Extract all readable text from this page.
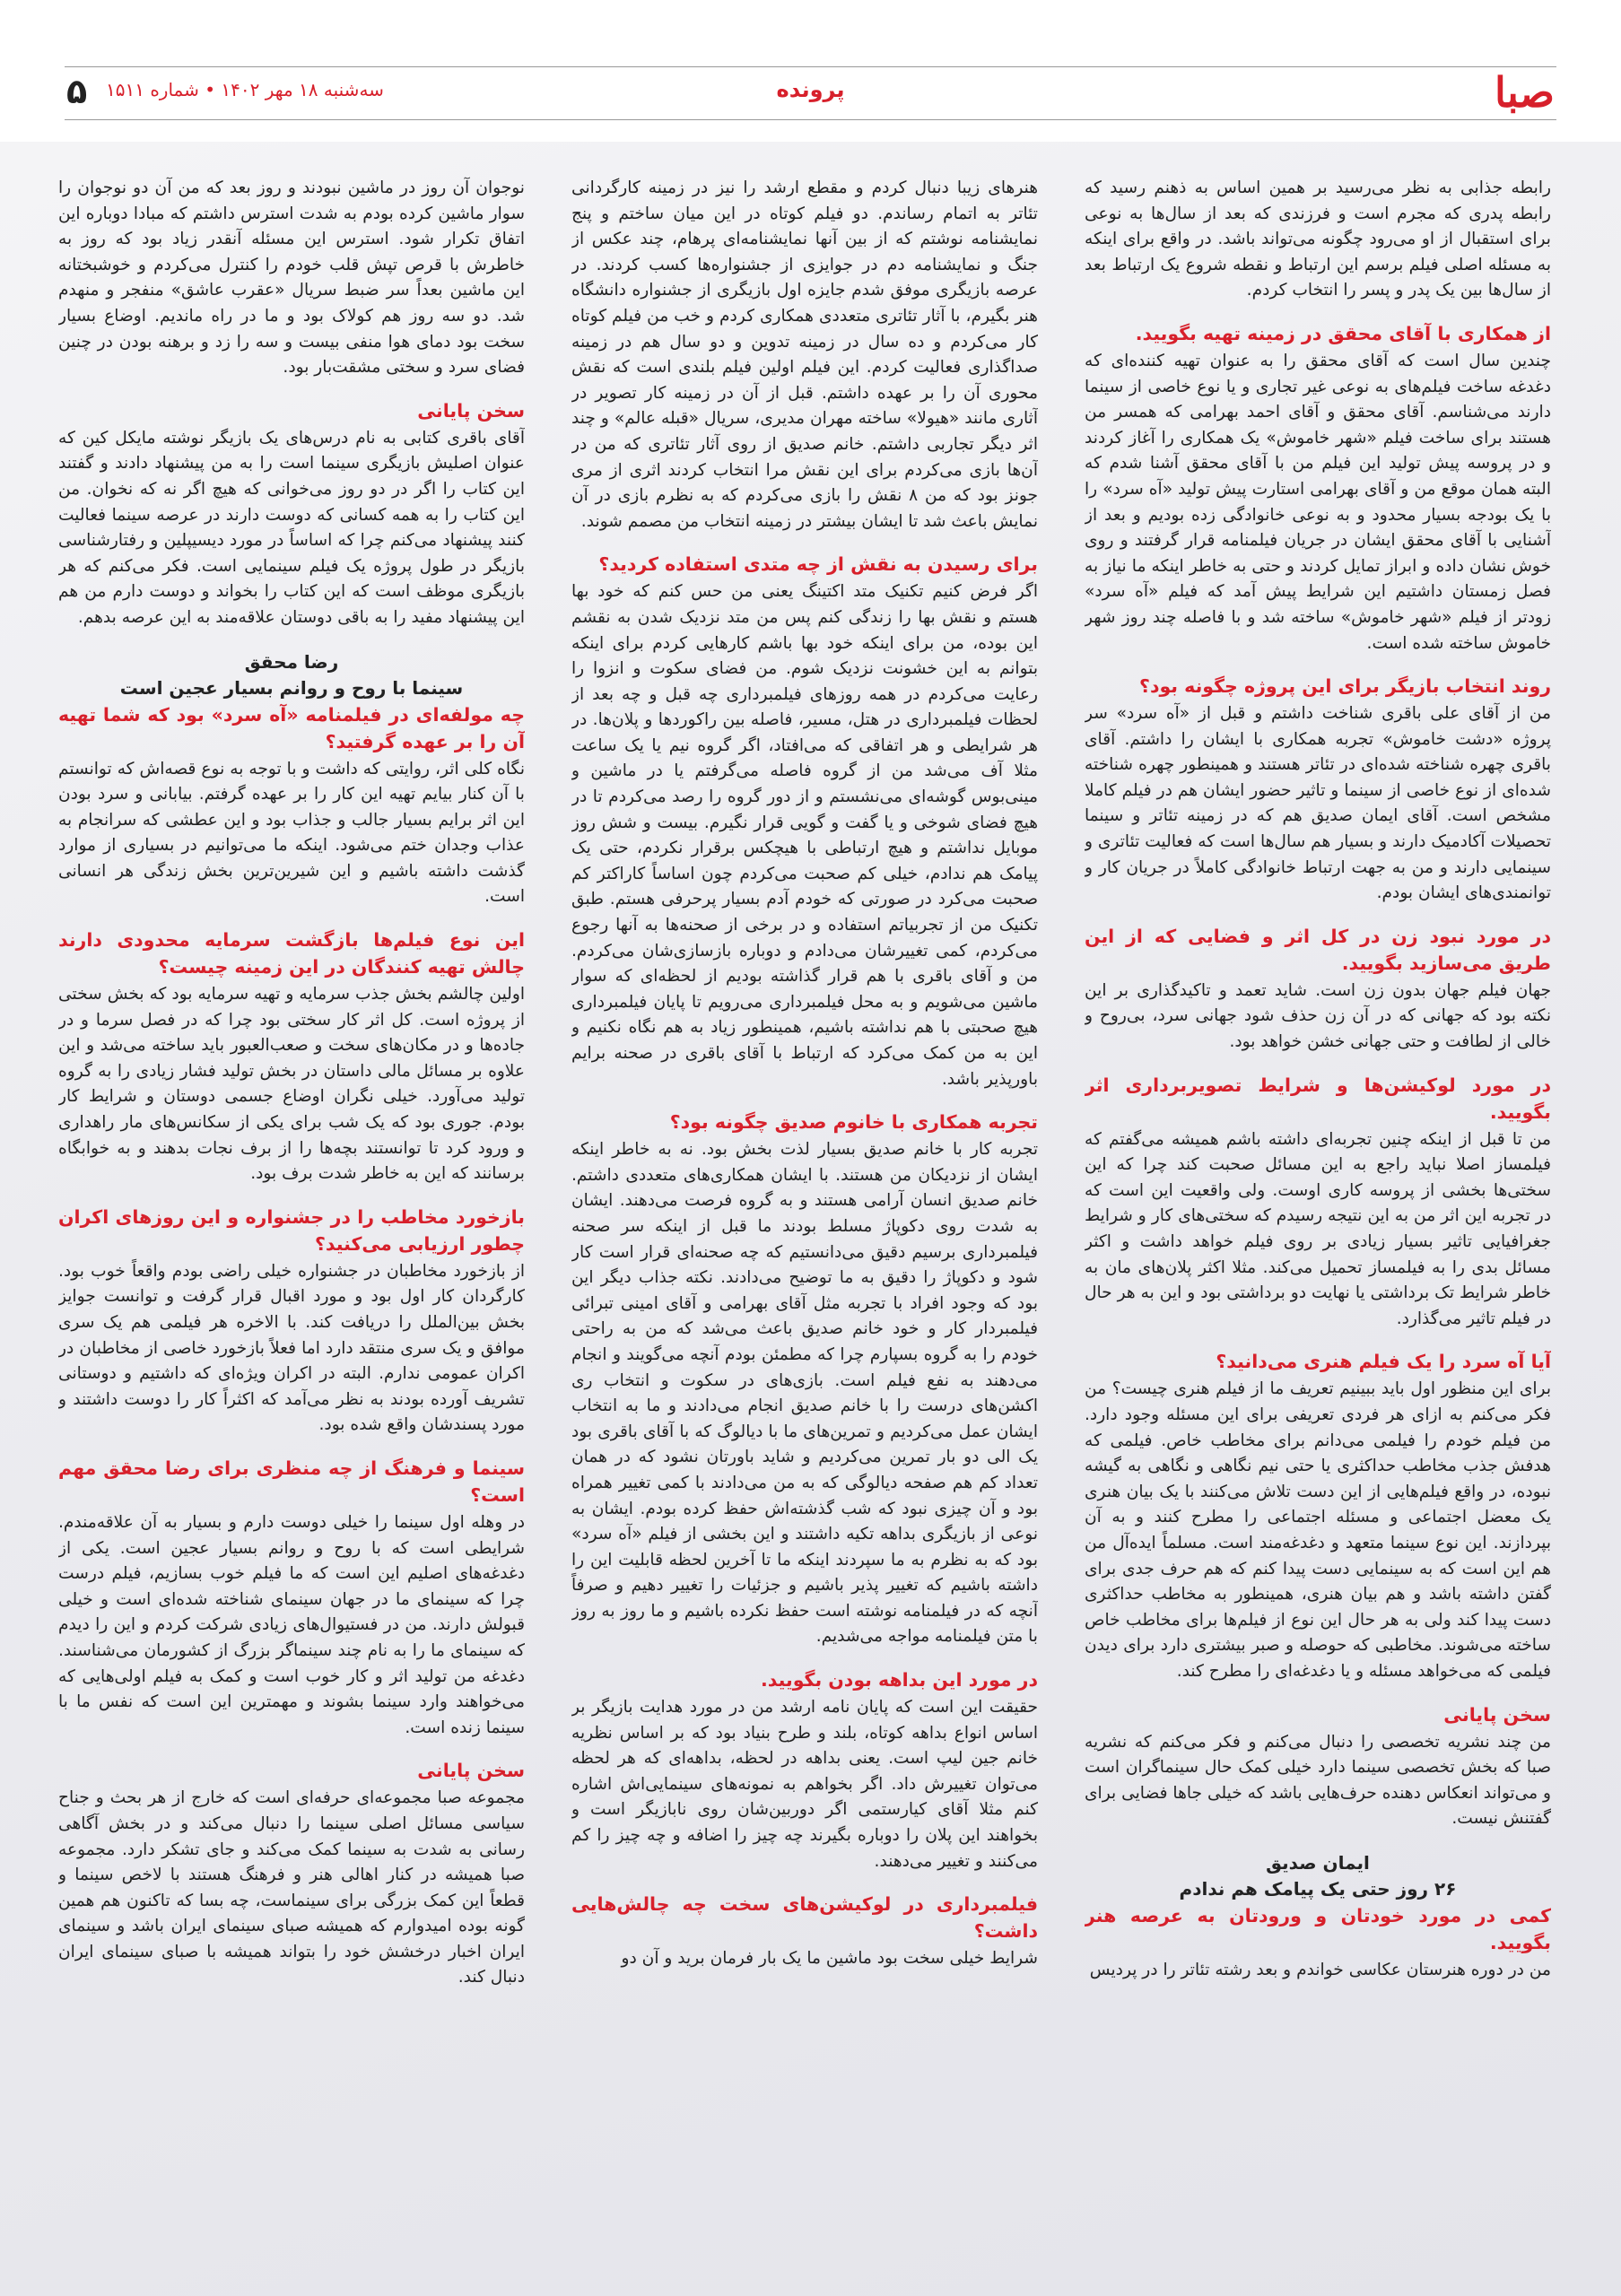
صبا
پرونده
سه‌شنبه ۱۸ مهر ۱۴۰۲ • شماره ۱۵۱۱
۵

رابطه جذابی به نظر می‌رسید بر همین اساس به ذهنم رسید که رابطه پدری که مجرم است و فرزندی که بعد از سال‌ها به نوعی برای استقبال از او می‌رود چگونه می‌تواند باشد. در واقع برای اینکه به مسئله اصلی فیلم برسم این ارتباط و نقطه شروع یک ارتباط بعد از سال‌ها بین یک پدر و پسر را انتخاب کردم.

از همکاری با آقای محقق در زمینه تهیه بگویید.

چندین سال است که آقای محقق را به عنوان تهیه کننده‌ای که دغدغه ساخت فیلم‌های به نوعی غیر تجاری و یا نوع خاصی از سینما دارند می‌شناسم. آقای محقق و آقای احمد بهرامی که همسر من هستند برای ساخت فیلم «شهر خاموش» یک همکاری را آغاز کردند و در پروسه پیش تولید این فیلم من با آقای محقق آشنا شدم که البته همان موقع من و آقای بهرامی استارت پیش تولید «آه سرد» را با یک بودجه بسیار محدود و به نوعی خانوادگی زده بودیم و بعد از آشنایی با آقای محقق ایشان در جریان فیلمنامه قرار گرفتند و روی خوش نشان داده و ابراز تمایل کردند و حتی به خاطر اینکه ما نیاز به فصل زمستان داشتیم این شرایط پیش آمد که فیلم «آه سرد» زودتر از فیلم «شهر خاموش» ساخته شد و با فاصله چند روز شهر خاموش ساخته شده است.

روند انتخاب بازیگر برای این پروژه چگونه بود؟

من از آقای علی باقری شناخت داشتم و قبل از «آه سرد» سر پروژه «دشت خاموش» تجربه همکاری با ایشان را داشتم. آقای باقری چهره شناخته شده‌ای در تئاتر هستند و همینطور چهره شناخته شده‌ای از نوع خاصی از سینما و تاثیر حضور ایشان هم در فیلم کاملا مشخص است. آقای ایمان صدیق هم که در زمینه تئاتر و سینما تحصیلات آکادمیک دارند و بسیار هم سال‌ها است که فعالیت تئاتری و سینمایی دارند و من به جهت ارتباط خانوادگی کاملاً در جریان کار و توانمندی‌های ایشان بودم.

در مورد نبود زن در کل اثر و فضایی که از این طریق می‌سازید بگویید.

جهان فیلم جهان بدون زن است. شاید تعمد و تاکیدگذاری بر این نکته بود که جهانی که در آن زن حذف شود جهانی سرد، بی‌روح و خالی از لطافت و حتی جهانی خشن خواهد بود.

در مورد لوکیشن‌ها و شرایط تصویربرداری اثر بگویید.

من تا قبل از اینکه چنین تجربه‌ای داشته باشم همیشه می‌گفتم که فیلمساز اصلا نباید راجع به این مسائل صحبت کند چرا که این سختی‌ها بخشی از پروسه کاری اوست. ولی واقعیت این است که در تجربه این اثر من به این نتیجه رسیدم که سختی‌های کار و شرایط جغرافیایی تاثیر بسیار زیادی بر روی فیلم خواهد داشت و اکثر مسائل بدی را به فیلمساز تحمیل می‌کند. مثلا اکثر پلان‌های مان به خاطر شرایط تک برداشتی یا نهایت دو برداشتی بود و این به هر حال در فیلم تاثیر می‌گذارد.

آیا آه سرد را یک فیلم هنری می‌دانید؟

برای این منظور اول باید ببینیم تعریف ما از فیلم هنری چیست؟ من فکر می‌کنم به ازای هر فردی تعریفی برای این مسئله وجود دارد. من فیلم خودم را فیلمی می‌دانم برای مخاطب خاص. فیلمی که هدفش جذب مخاطب حداکثری یا حتی نیم نگاهی و نگاهی به گیشه نبوده، در واقع فیلم‌هایی از این دست تلاش می‌کنند با یک بیان هنری یک معضل اجتماعی و مسئله اجتماعی را مطرح کنند و به آن بپردازند. این نوع سینما متعهد و دغدغه‌مند است. مسلماً ایده‌آل من هم این است که به سینمایی دست پیدا کنم که هم حرف جدی برای گفتن داشته باشد و هم بیان هنری، همینطور به مخاطب حداکثری دست پیدا کند ولی به هر حال این نوع از فیلم‌ها برای مخاطب خاص ساخته می‌شوند. مخاطبی که حوصله و صبر بیشتری دارد برای دیدن فیلمی که می‌خواهد مسئله و یا دغدغه‌ای را مطرح کند.

سخن پایانی

من چند نشریه تخصصی را دنبال می‌کنم و فکر می‌کنم که نشریه صبا که بخش تخصصی سینما دارد خیلی کمک حال سینماگران است و می‌تواند انعکاس دهنده حرف‌هایی باشد که خیلی جاها فضایی برای گفتنش نیست.

ایمان صدیق
۲۶ روز حتی یک پیامک هم ندادم
کمی در مورد خودتان و ورودتان به عرصه هنر بگویید.

من در دوره هنرستان عکاسی خواندم و بعد رشته تئاتر را در پردیس

هنرهای زیبا دنبال کردم و مقطع ارشد را نیز در زمینه کارگردانی تئاتر به اتمام رساندم. دو فیلم کوتاه در این میان ساختم و پنج نمایشنامه نوشتم که از بین آنها نمایشنامه‌ای پرهام، چند عکس از جنگ و نمایشنامه دم در جوایزی از جشنواره‌ها کسب کردند. در عرصه بازیگری موفق شدم جایزه اول بازیگری از جشنواره دانشگاه هنر بگیرم، با آثار تئاتری متعددی همکاری کردم و خب من فیلم کوتاه کار می‌کردم و ده سال در زمینه تدوین و دو سال هم در زمینه صداگذاری فعالیت کردم. این فیلم اولین فیلم بلندی است که نقش محوری آن را بر عهده داشتم. قبل از آن در زمینه کار تصویر در آثاری مانند «هیولا» ساخته مهران مدیری، سریال «قبله عالم» و چند اثر دیگر تجاربی داشتم. خانم صدیق از روی آثار تئاتری که من در آن‌ها بازی می‌کردم برای این نقش مرا انتخاب کردند اثری از مری جونز بود که من ۸ نقش را بازی می‌کردم که به نظرم بازی در آن نمایش باعث شد تا ایشان بیشتر در زمینه انتخاب من مصمم شوند.

برای رسیدن به نقش از چه متدی استفاده کردید؟

اگر فرض کنیم تکنیک متد اکتینگ یعنی من حس کنم که خود بها هستم و نقش بها را زندگی کنم پس من متد نزدیک شدن به نقشم این بوده، من برای اینکه خود بها باشم کارهایی کردم برای اینکه بتوانم به این خشونت نزدیک شوم. من فضای سکوت و انزوا را رعایت می‌کردم در همه روزهای فیلمبرداری چه قبل و چه بعد از لحظات فیلمبرداری در هتل، مسیر، فاصله بین راکوردها و پلان‌ها. در هر شرایطی و هر اتفاقی که می‌افتاد، اگر گروه نیم یا یک ساعت مثلا آف می‌شد من از گروه فاصله می‌گرفتم یا در ماشین و مینی‌بوس گوشه‌ای می‌نشستم و از دور گروه را رصد می‌کردم تا در هیچ فضای شوخی و یا گفت و گویی قرار نگیرم. بیست و شش روز موبایل نداشتم و هیچ ارتباطی با هیچکس برقرار نکردم، حتی یک پیامک هم ندادم، خیلی کم صحبت می‌کردم چون اساساً کاراکتر کم صحبت می‌کرد در صورتی که خودم آدم بسیار پرحرفی هستم. طبق تکنیک من از تجربیاتم استفاده و در برخی از صحنه‌ها به آنها رجوع می‌کردم، کمی تغییرشان می‌دادم و دوباره بازسازی‌شان می‌کردم. من و آقای باقری با هم قرار گذاشته بودیم از لحظه‌ای که سوار ماشین می‌شویم و به محل فیلمبرداری می‌رویم تا پایان فیلمبرداری هیچ صحبتی با هم نداشته باشیم، همینطور زیاد به هم نگاه نکنیم و این به من کمک می‌کرد که ارتباط با آقای باقری در صحنه برایم باورپذیر باشد.

تجربه همکاری با خانوم صدیق چگونه بود؟

تجربه کار با خانم صدیق بسیار لذت بخش بود. نه به خاطر اینکه ایشان از نزدیکان من هستند. با ایشان همکاری‌های متعددی داشتم. خانم صدیق انسان آرامی هستند و به گروه فرصت می‌دهند. ایشان به شدت روی دکوپاژ مسلط بودند ما قبل از اینکه سر صحنه فیلمبرداری برسیم دقیق می‌دانستیم که چه صحنه‌ای قرار است کار شود و دکوپاژ را دقیق به ما توضیح می‌دادند. نکته جذاب دیگر این بود که وجود افراد با تجربه مثل آقای بهرامی و آقای امینی تبرائی فیلمبردار کار و خود خانم صدیق باعث می‌شد که من به راحتی خودم را به گروه بسپارم چرا که مطمئن بودم آنچه می‌گویند و انجام می‌دهند به نفع فیلم است. بازی‌های در سکوت و انتخاب ری اکشن‌های درست را با خانم صدیق انجام می‌دادند و ما به انتخاب ایشان عمل می‌کردیم و تمرین‌های ما با دیالوگ که با آقای باقری بود یک الی دو بار تمرین می‌کردیم و شاید باورتان نشود که در همان تعداد کم هم صفحه دیالوگی که به من می‌دادند با کمی تغییر همراه بود و آن چیزی نبود که شب گذشته‌اش حفظ کرده بودم. ایشان به نوعی از بازیگری بداهه تکیه داشتند و این بخشی از فیلم «آه سرد» بود که به نظرم به ما سپردند اینکه ما تا آخرین لحظه قابلیت این را داشته باشیم که تغییر پذیر باشیم و جزئیات را تغییر دهیم و صرفاً آنچه که در فیلمنامه نوشته است حفظ نکرده باشیم و ما روز به روز با متن فیلمنامه مواجه می‌شدیم.

در مورد این بداهه بودن بگویید.

حقیقت این است که پایان نامه ارشد من در مورد هدایت بازیگر بر اساس انواع بداهه کوتاه، بلند و طرح بنیاد بود که بر اساس نظریه خانم جین لیپ است. یعنی بداهه در لحظه، بداهه‌ای که هر لحظه می‌توان تغییرش داد. اگر بخواهم به نمونه‌های سینمایی‌اش اشاره کنم مثلا آقای کیارستمی اگر دوربین‌شان روی نابازیگر است و بخواهند این پلان را دوباره بگیرند چه چیز را اضافه و چه چیز را کم می‌کنند و تغییر می‌دهند.

فیلمبرداری در لوکیشن‌های سخت چه چالش‌هایی داشت؟

شرایط خیلی سخت بود ماشین ما یک بار فرمان برید و آن دو

نوجوان آن روز در ماشین نبودند و روز بعد که من آن دو نوجوان را سوار ماشین کرده بودم به شدت استرس داشتم که مبادا دوباره این اتفاق تکرار شود. استرس این مسئله آنقدر زیاد بود که روز به خاطرش با قرص تپش قلب خودم را کنترل می‌کردم و خوشبختانه این ماشین بعداً سر ضبط سریال «عقرب عاشق» منفجر و منهدم شد. دو سه روز هم کولاک بود و ما در راه ماندیم. اوضاع بسیار سخت بود دمای هوا منفی بیست و سه را زد و برهنه بودن در چنین فضای سرد و سختی مشقت‌بار بود.

سخن پایانی

آقای باقری کتابی به نام درس‌های یک بازیگر نوشته مایکل کین که عنوان اصلیش بازیگری سینما است را به من پیشنهاد دادند و گفتند این کتاب را اگر در دو روز می‌خوانی که هیچ اگر نه که نخوان. من این کتاب را به همه کسانی که دوست دارند در عرصه سینما فعالیت کنند پیشنهاد می‌کنم چرا که اساساً در مورد دیسیپلین و رفتارشناسی بازیگر در طول پروژه یک فیلم سینمایی است. فکر می‌کنم که هر بازیگری موظف است که این کتاب را بخواند و دوست دارم من هم این پیشنهاد مفید را به باقی دوستان علاقه‌مند به این عرصه بدهم.

رضا محقق
سینما با روح و روانم بسیار عجین است
چه مولفه‌ای در فیلمنامه «آه سرد» بود که شما تهیه آن را بر عهده گرفتید؟

نگاه کلی اثر، روایتی که داشت و با توجه به نوع قصه‌اش که توانستم با آن کنار بیایم تهیه این کار را بر عهده گرفتم. بیابانی و سرد بودن این اثر برایم بسیار جالب و جذاب بود و این عطشی که سرانجام به عذاب وجدان ختم می‌شود. اینکه ما می‌توانیم در بسیاری از موارد گذشت داشته باشیم و این شیرین‌ترین بخش زندگی هر انسانی است.

این نوع فیلم‌ها بازگشت سرمایه محدودی دارند چالش تهیه کنندگان در این زمینه چیست؟

اولین چالشم بخش جذب سرمایه و تهیه سرمایه بود که بخش سختی از پروژه است. کل اثر کار سختی بود چرا که در فصل سرما و در جاده‌ها و در مکان‌های سخت و صعب‌العبور باید ساخته می‌شد و این علاوه بر مسائل مالی داستان در بخش تولید فشار زیادی را به گروه تولید می‌آورد. خیلی نگران اوضاع جسمی دوستان و شرایط کار بودم. جوری بود که یک شب برای یکی از سکانس‌های مار راهداری و ورود کرد تا توانستند بچه‌ها را از برف نجات بدهند و به خوابگاه برسانند که این به خاطر شدت برف بود.

بازخورد مخاطب را در جشنواره و این روزهای اکران چطور ارزیابی می‌کنید؟

از بازخورد مخاطبان در جشنواره خیلی راضی بودم واقعاً خوب بود. کارگردان کار اول بود و مورد اقبال قرار گرفت و توانست جوایز بخش بین‌الملل را دریافت کند. با الاخره هر فیلمی هم یک سری موافق و یک سری منتقد دارد اما فعلاً بازخورد خاصی از مخاطبان در اکران عمومی ندارم. البته در اکران ویژه‌ای که داشتیم و دوستانی تشریف آورده بودند به نظر می‌آمد که اکثراً کار را دوست داشتند و مورد پسندشان واقع شده بود.

سینما و فرهنگ از چه منظری برای رضا محقق مهم است؟

در وهله اول سینما را خیلی دوست دارم و بسیار به آن علاقه‌مندم. شرایطی است که با روح و روانم بسیار عجین است. یکی از دغدغه‌های اصلیم این است که ما فیلم خوب بسازیم، فیلم درست چرا که سینمای ما در جهان سینمای شناخته شده‌ای است و خیلی قبولش دارند. من در فستیوال‌های زیادی شرکت کردم و این را دیدم که سینمای ما را به نام چند سینماگر بزرگ از کشورمان می‌شناسند. دغدغه من تولید اثر و کار خوب است و کمک به فیلم اولی‌هایی که می‌خواهند وارد سینما بشوند و مهمترین این است که نفس ما با سینما زنده است.

سخن پایانی

مجموعه صبا مجموعه‌ای حرفه‌ای است که خارج از هر بحث و جناح سیاسی مسائل اصلی سینما را دنبال می‌کند و در بخش آگاهی رسانی به شدت به سینما کمک می‌کند و جای تشکر دارد. مجموعه صبا همیشه در کنار اهالی هنر و فرهنگ هستند با لاخص سینما و قطعاً این کمک بزرگی برای سینماست، چه بسا که تاکنون هم همین گونه بوده امیدوارم که همیشه صبای سینمای ایران باشد و سینمای ایران اخبار درخشش خود را بتواند همیشه با صبای سینمای ایران دنبال کند.
